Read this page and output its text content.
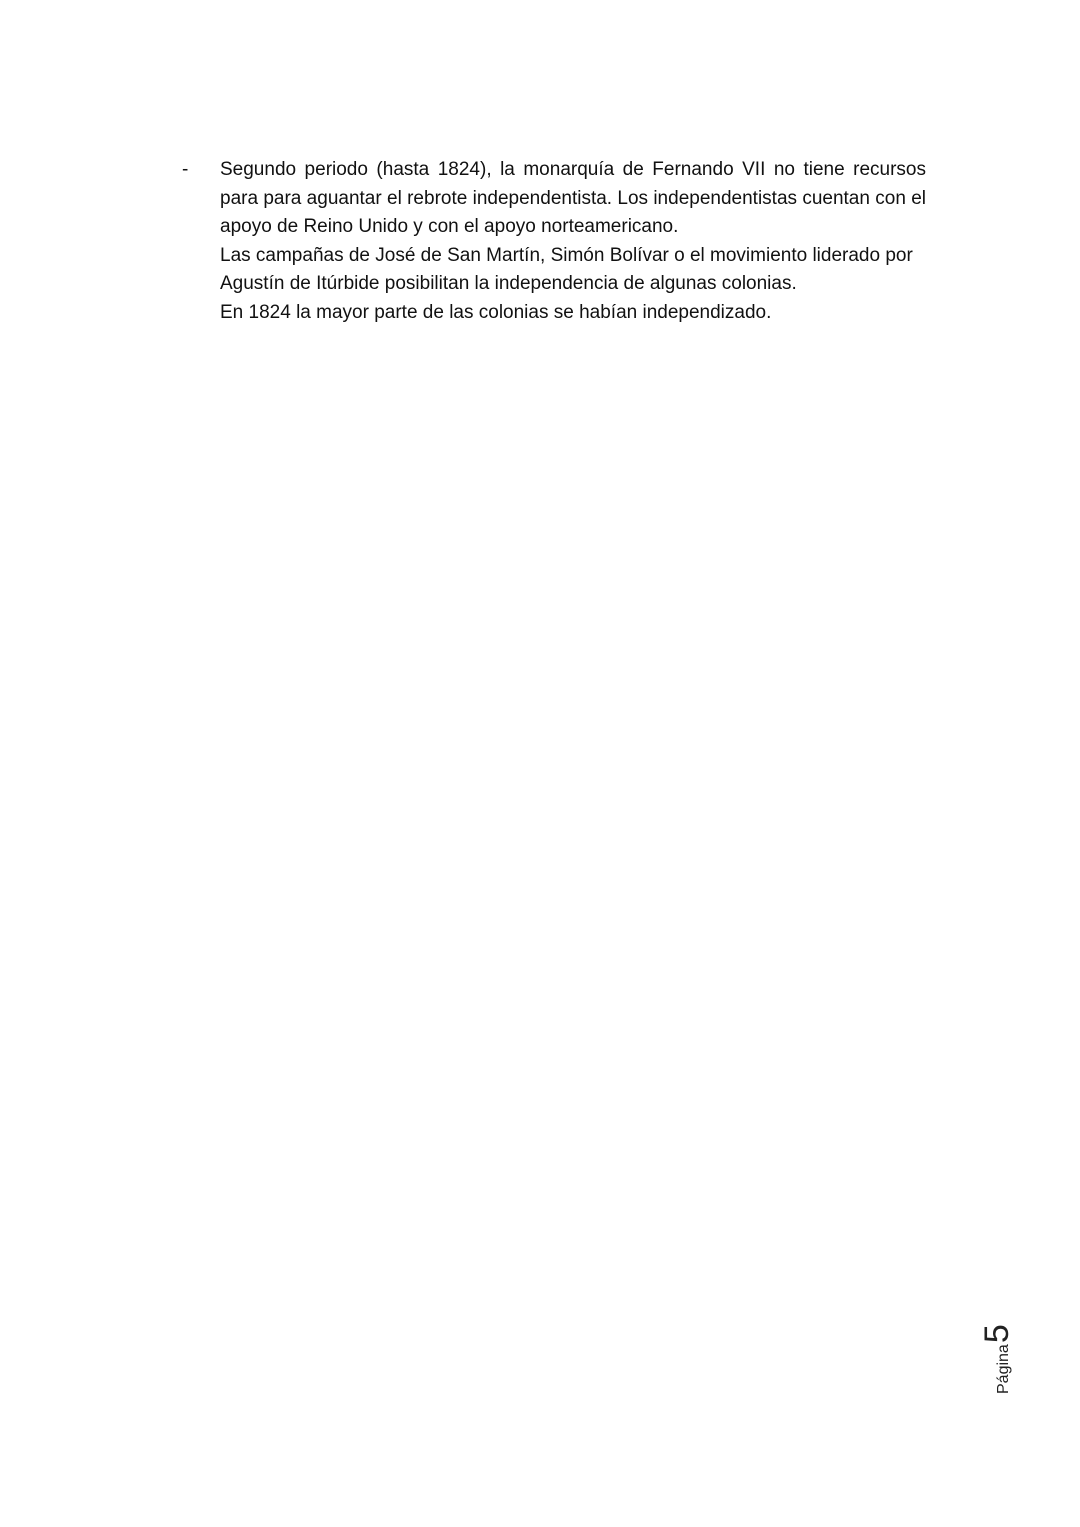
- Segundo periodo (hasta 1824), la monarquía de Fernando VII no tiene recursos para para aguantar el rebrote independentista. Los independentistas cuentan con el apoyo de Reino Unido y con el apoyo norteamericano.

Las campañas de José de San Martín, Simón Bolívar o el movimiento liderado por Agustín de Itúrbide posibilitan la independencia de algunas colonias.

En 1824 la mayor parte de las colonias se habían independizado.

Página
5
